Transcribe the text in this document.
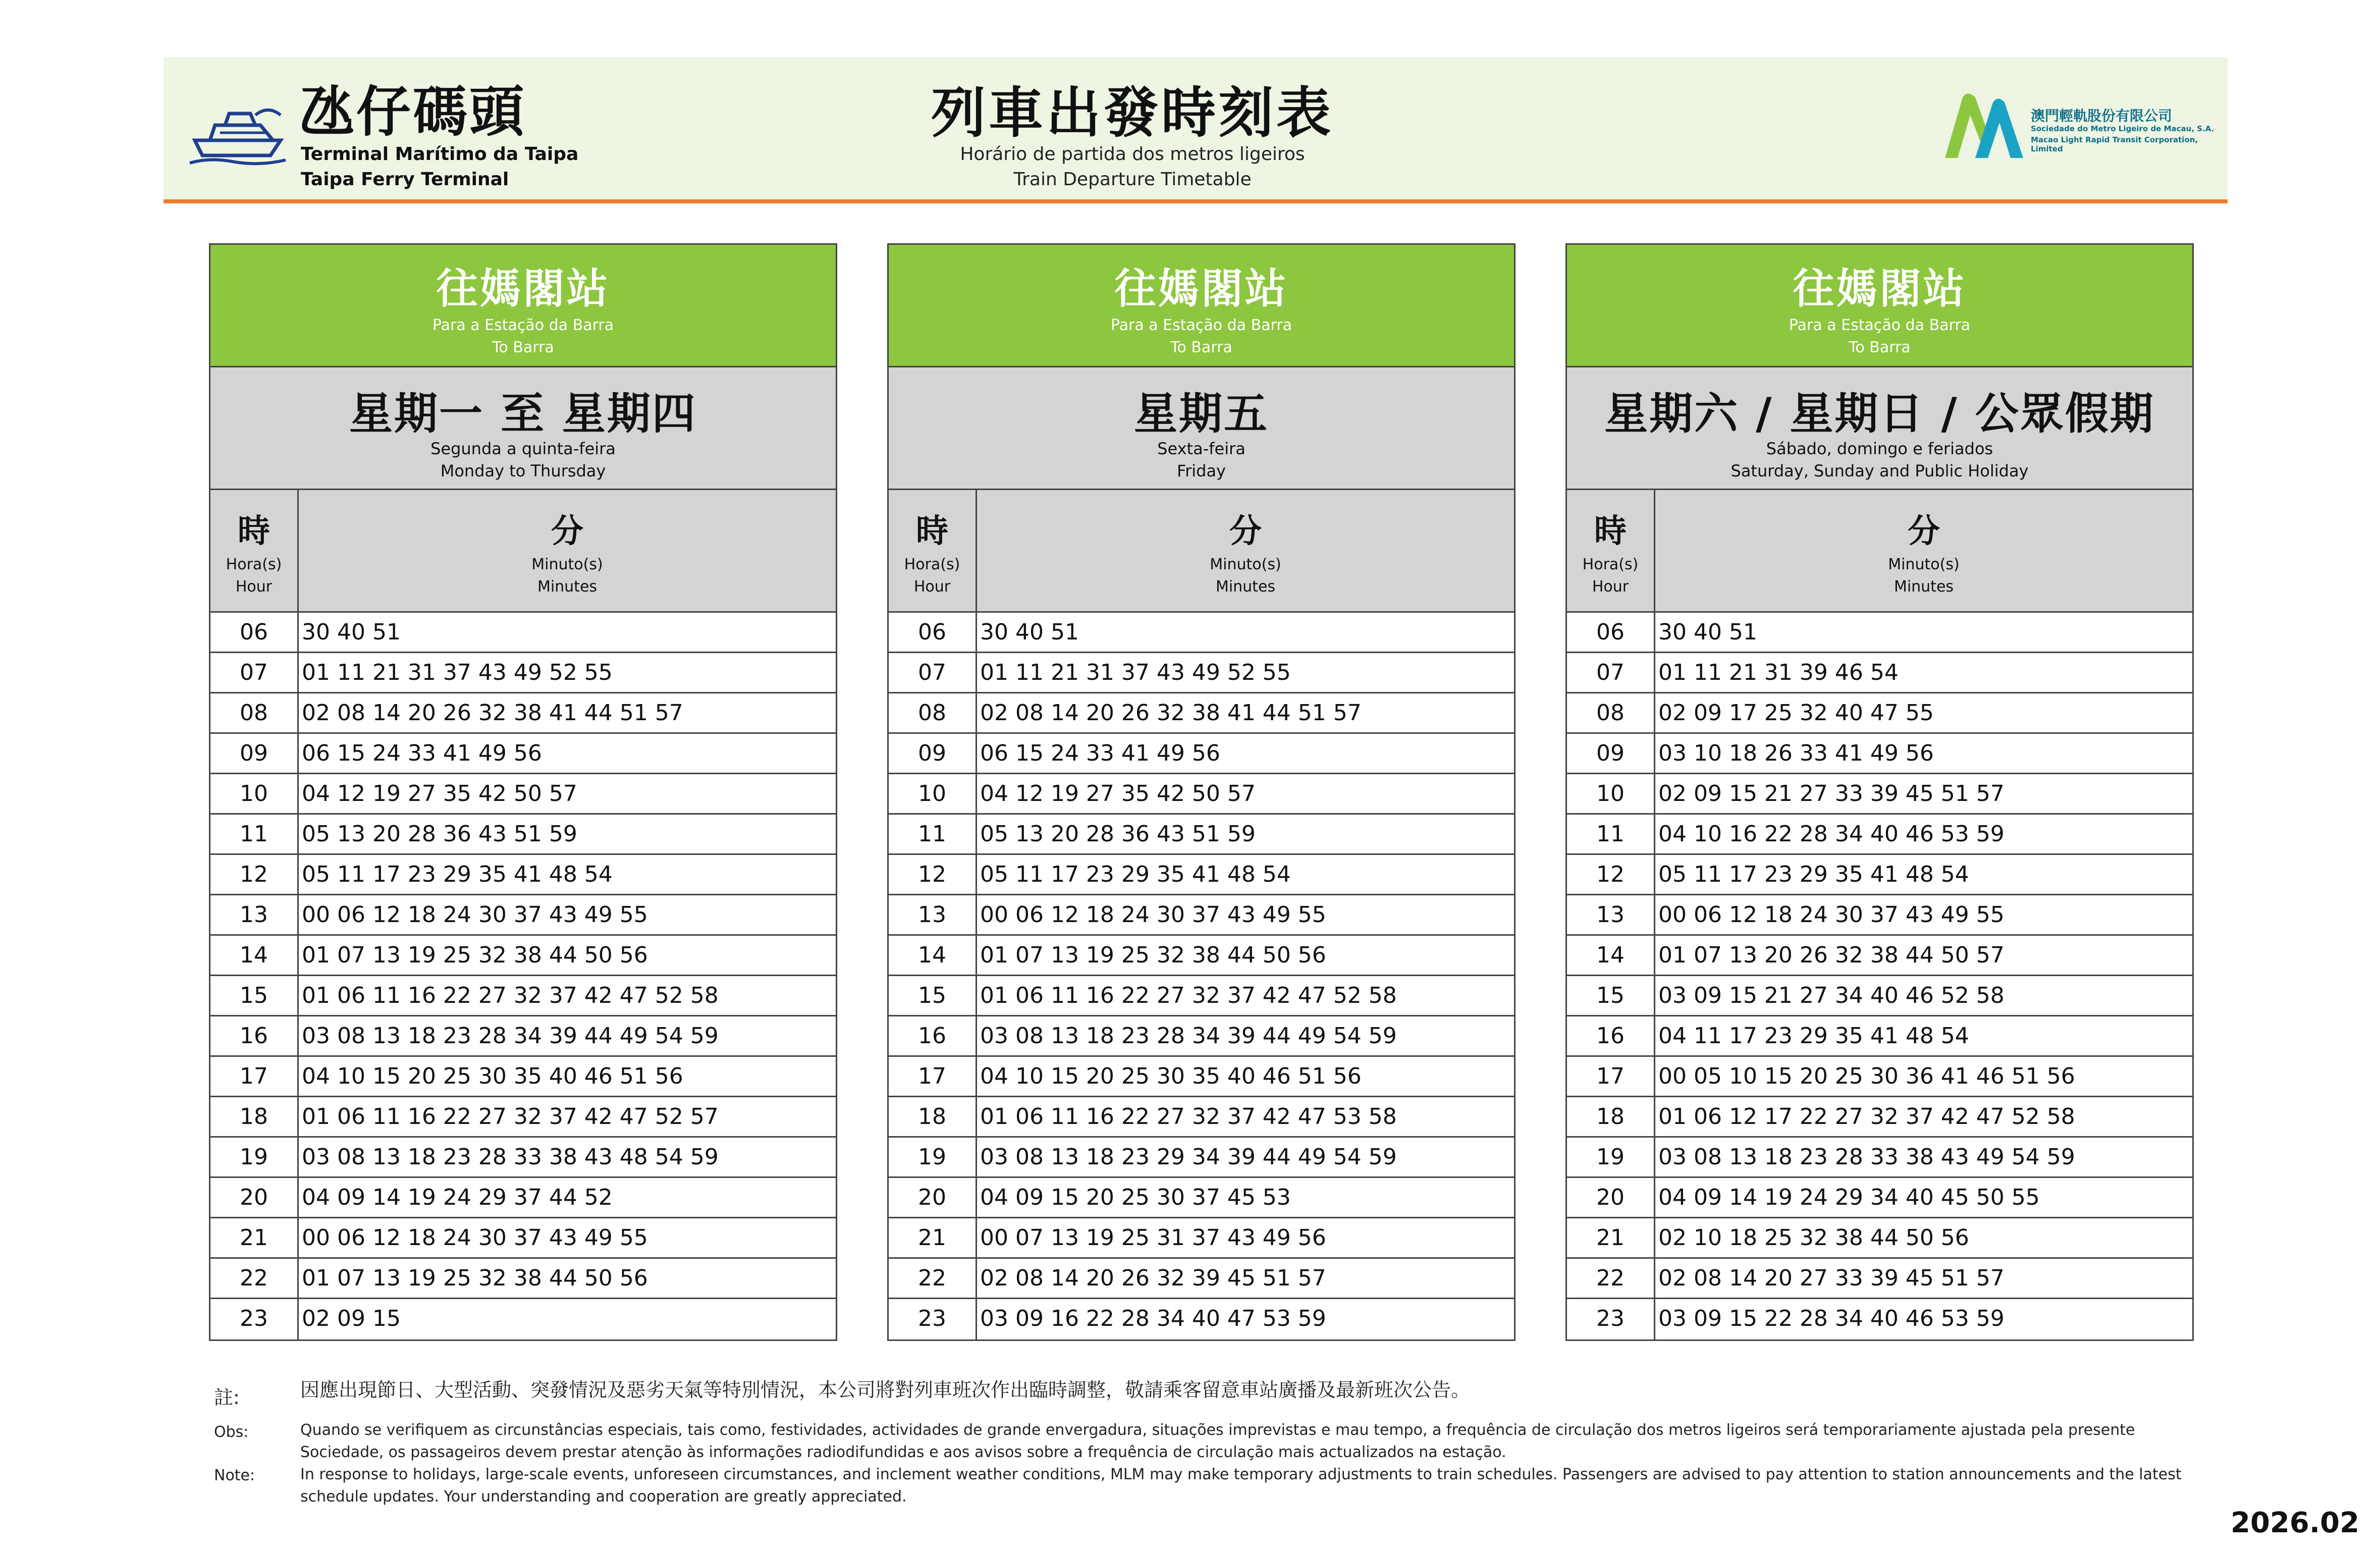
氹仔碼頭
Terminal Marítimo da Taipa
Taipa Ferry Terminal
列車出發時刻表
Horário de partida dos metros ligeiros
Train Departure Timetable
澳門輕軌股份有限公司
Sociedade do Metro Ligeiro de Macau, S.A.
Macao Light Rapid Transit Corporation, Limited
往媽閣站
Para a Estação da Barra
To Barra
星期一 至 星期四
Segunda a quinta-feira
Monday to Thursday
時
Hora(s)
Hour
分
Minuto(s)
Minutes
06	30 40 51
07	01 11 21 31 37 43 49 52 55
08	02 08 14 20 26 32 38 41 44 51 57
09	06 15 24 33 41 49 56
10	04 12 19 27 35 42 50 57
11	05 13 20 28 36 43 51 59
12	05 11 17 23 29 35 41 48 54
13	00 06 12 18 24 30 37 43 49 55
14	01 07 13 19 25 32 38 44 50 56
15	01 06 11 16 22 27 32 37 42 47 52 58
16	03 08 13 18 23 28 34 39 44 49 54 59
17	04 10 15 20 25 30 35 40 46 51 56
18	01 06 11 16 22 27 32 37 42 47 52 57
19	03 08 13 18 23 28 33 38 43 48 54 59
20	04 09 14 19 24 29 37 44 52
21	00 06 12 18 24 30 37 43 49 55
22	01 07 13 19 25 32 38 44 50 56
23	02 09 15
往媽閣站
Para a Estação da Barra
To Barra
星期五
Sexta-feira
Friday
時
Hora(s)
Hour
分
Minuto(s)
Minutes
06	30 40 51
07	01 11 21 31 37 43 49 52 55
08	02 08 14 20 26 32 38 41 44 51 57
09	06 15 24 33 41 49 56
10	04 12 19 27 35 42 50 57
11	05 13 20 28 36 43 51 59
12	05 11 17 23 29 35 41 48 54
13	00 06 12 18 24 30 37 43 49 55
14	01 07 13 19 25 32 38 44 50 56
15	01 06 11 16 22 27 32 37 42 47 52 58
16	03 08 13 18 23 28 34 39 44 49 54 59
17	04 10 15 20 25 30 35 40 46 51 56
18	01 06 11 16 22 27 32 37 42 47 53 58
19	03 08 13 18 23 29 34 39 44 49 54 59
20	04 09 15 20 25 30 37 45 53
21	00 07 13 19 25 31 37 43 49 56
22	02 08 14 20 26 32 39 45 51 57
23	03 09 16 22 28 34 40 47 53 59
往媽閣站
Para a Estação da Barra
To Barra
星期六 / 星期日 / 公眾假期
Sábado, domingo e feriados
Saturday, Sunday and Public Holiday
時
Hora(s)
Hour
分
Minuto(s)
Minutes
06	30 40 51
07	01 11 21 31 39 46 54
08	02 09 17 25 32 40 47 55
09	03 10 18 26 33 41 49 56
10	02 09 15 21 27 33 39 45 51 57
11	04 10 16 22 28 34 40 46 53 59
12	05 11 17 23 29 35 41 48 54
13	00 06 12 18 24 30 37 43 49 55
14	01 07 13 20 26 32 38 44 50 57
15	03 09 15 21 27 34 40 46 52 58
16	04 11 17 23 29 35 41 48 54
17	00 05 10 15 20 25 30 36 41 46 51 56
18	01 06 12 17 22 27 32 37 42 47 52 58
19	03 08 13 18 23 28 33 38 43 49 54 59
20	04 09 14 19 24 29 34 40 45 50 55
21	02 10 18 25 32 38 44 50 56
22	02 08 14 20 27 33 39 45 51 57
23	03 09 15 22 28 34 40 46 53 59
註:	因應出現節日、大型活動、突發情況及惡劣天氣等特別情況，本公司將對列車班次作出臨時調整，敬請乘客留意車站廣播及最新班次公告。
Obs:	Quando se verifiquem as circunstâncias especiais, tais como, festividades, actividades de grande envergadura, situações imprevistas e mau tempo, a frequência de circulação dos metros ligeiros será temporariamente ajustada pela presente Sociedade, os passageiros devem prestar atenção às informações radiodifundidas e aos avisos sobre a frequência de circulação mais actualizados na estação.
Note:	In response to holidays, large-scale events, unforeseen circumstances, and inclement weather conditions, MLM may make temporary adjustments to train schedules. Passengers are advised to pay attention to station announcements and the latest schedule updates. Your understanding and cooperation are greatly appreciated.
2026.02
